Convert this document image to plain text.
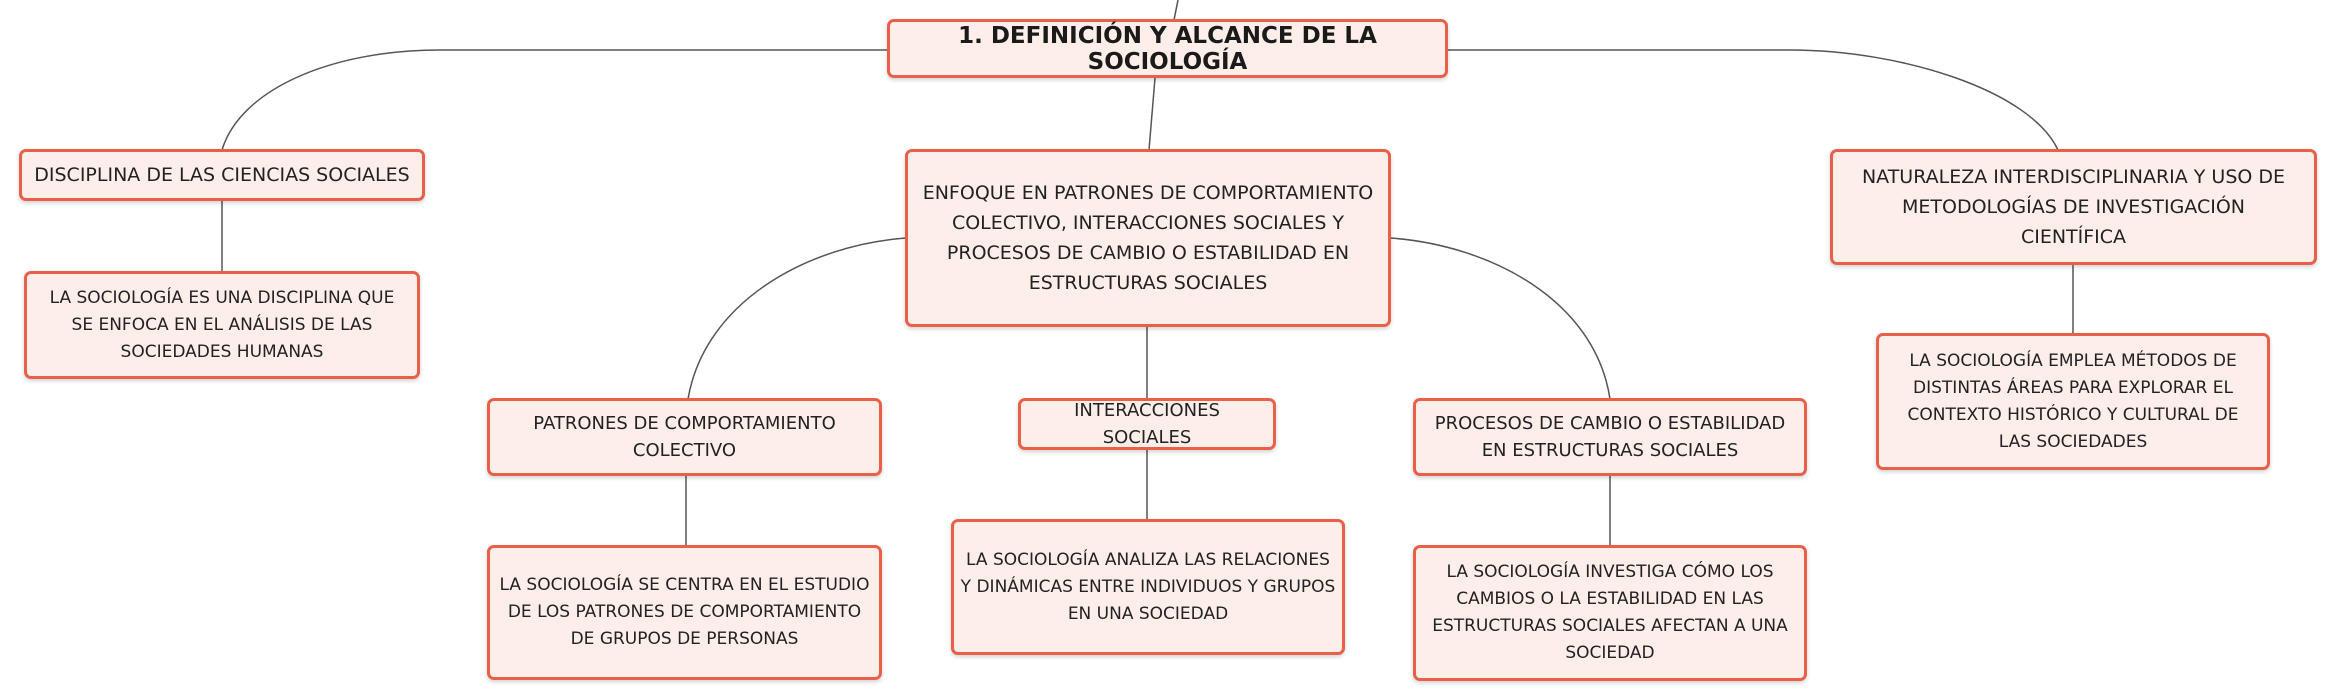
1. DEFINICIÓN Y ALCANCE DE LA SOCIOLOGÍA
DISCIPLINA DE LAS CIENCIAS SOCIALES
LA SOCIOLOGÍA ES UNA DISCIPLINA QUE SE ENFOCA EN EL ANÁLISIS DE LAS SOCIEDADES HUMANAS
ENFOQUE EN PATRONES DE COMPORTAMIENTO COLECTIVO, INTERACCIONES SOCIALES Y PROCESOS DE CAMBIO O ESTABILIDAD EN ESTRUCTURAS SOCIALES
NATURALEZA INTERDISCIPLINARIA Y USO DE METODOLOGÍAS DE INVESTIGACIÓN CIENTÍFICA
LA SOCIOLOGÍA EMPLEA MÉTODOS DE DISTINTAS ÁREAS PARA EXPLORAR EL CONTEXTO HISTÓRICO Y CULTURAL DE LAS SOCIEDADES
PATRONES DE COMPORTAMIENTO COLECTIVO
INTERACCIONES SOCIALES
PROCESOS DE CAMBIO O ESTABILIDAD EN ESTRUCTURAS SOCIALES
LA SOCIOLOGÍA SE CENTRA EN EL ESTUDIO DE LOS PATRONES DE COMPORTAMIENTO DE GRUPOS DE PERSONAS
LA SOCIOLOGÍA ANALIZA LAS RELACIONES Y DINÁMICAS ENTRE INDIVIDUOS Y GRUPOS EN UNA SOCIEDAD
LA SOCIOLOGÍA INVESTIGA CÓMO LOS CAMBIOS O LA ESTABILIDAD EN LAS ESTRUCTURAS SOCIALES AFECTAN A UNA SOCIEDAD
